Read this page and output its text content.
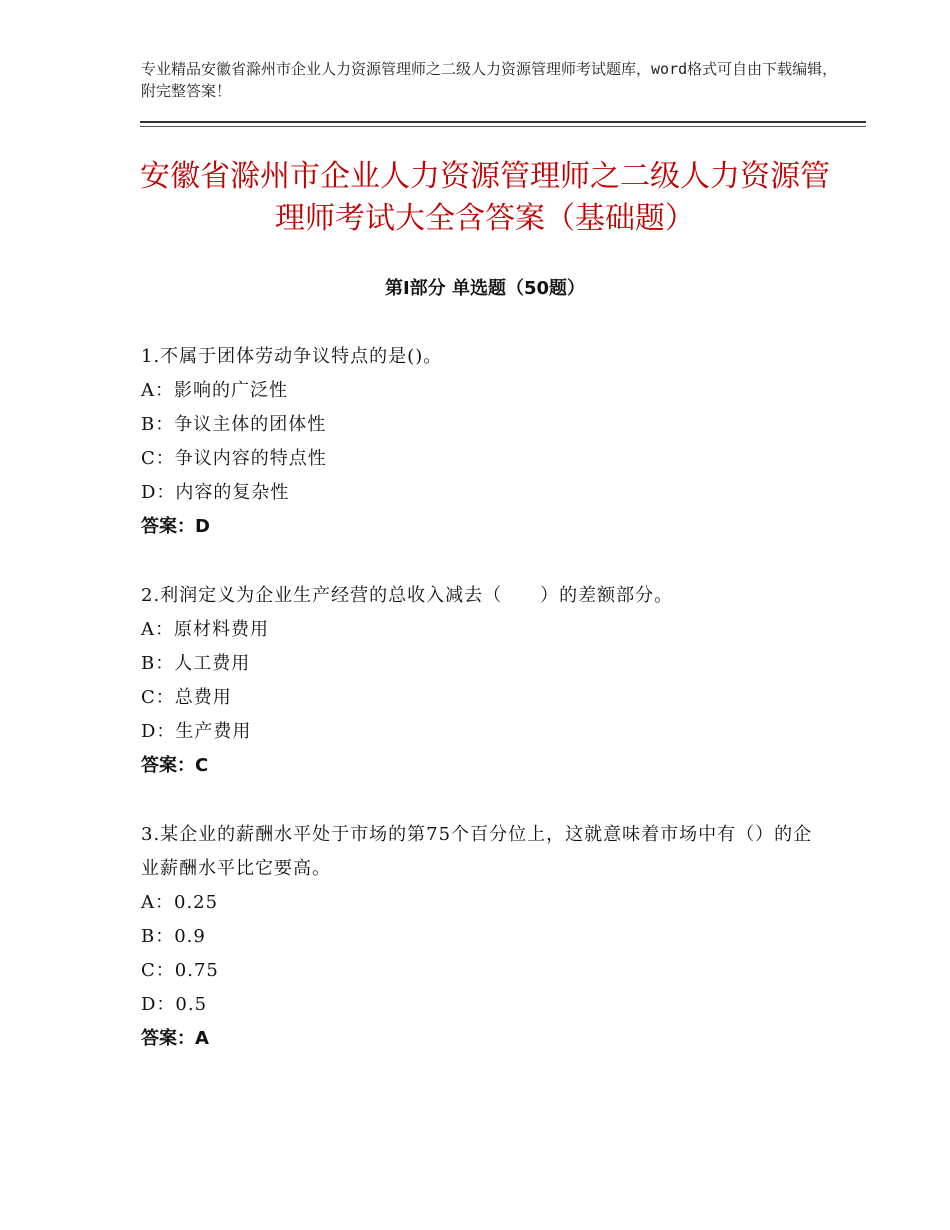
专业精品安徽省滁州市企业人力资源管理师之二级人力资源管理师考试题库，word格式可自由下载编辑，附完整答案！
安徽省滁州市企业人力资源管理师之二级人力资源管理师考试大全含答案（基础题）
第Ⅰ部分 单选题（50题）

1.不属于团体劳动争议特点的是()。

A：影响的广泛性

B：争议主体的团体性

C：争议内容的特点性

D：内容的复杂性

答案：D

2.利润定义为企业生产经营的总收入减去（　　）的差额部分。

A：原材料费用

B：人工费用

C：总费用

D：生产费用

答案：C

3.某企业的薪酬水平处于市场的第75个百分位上，这就意味着市场中有（）的企业薪酬水平比它要高。

A：0.25

B：0.9

C：0.75

D：0.5

答案：A
